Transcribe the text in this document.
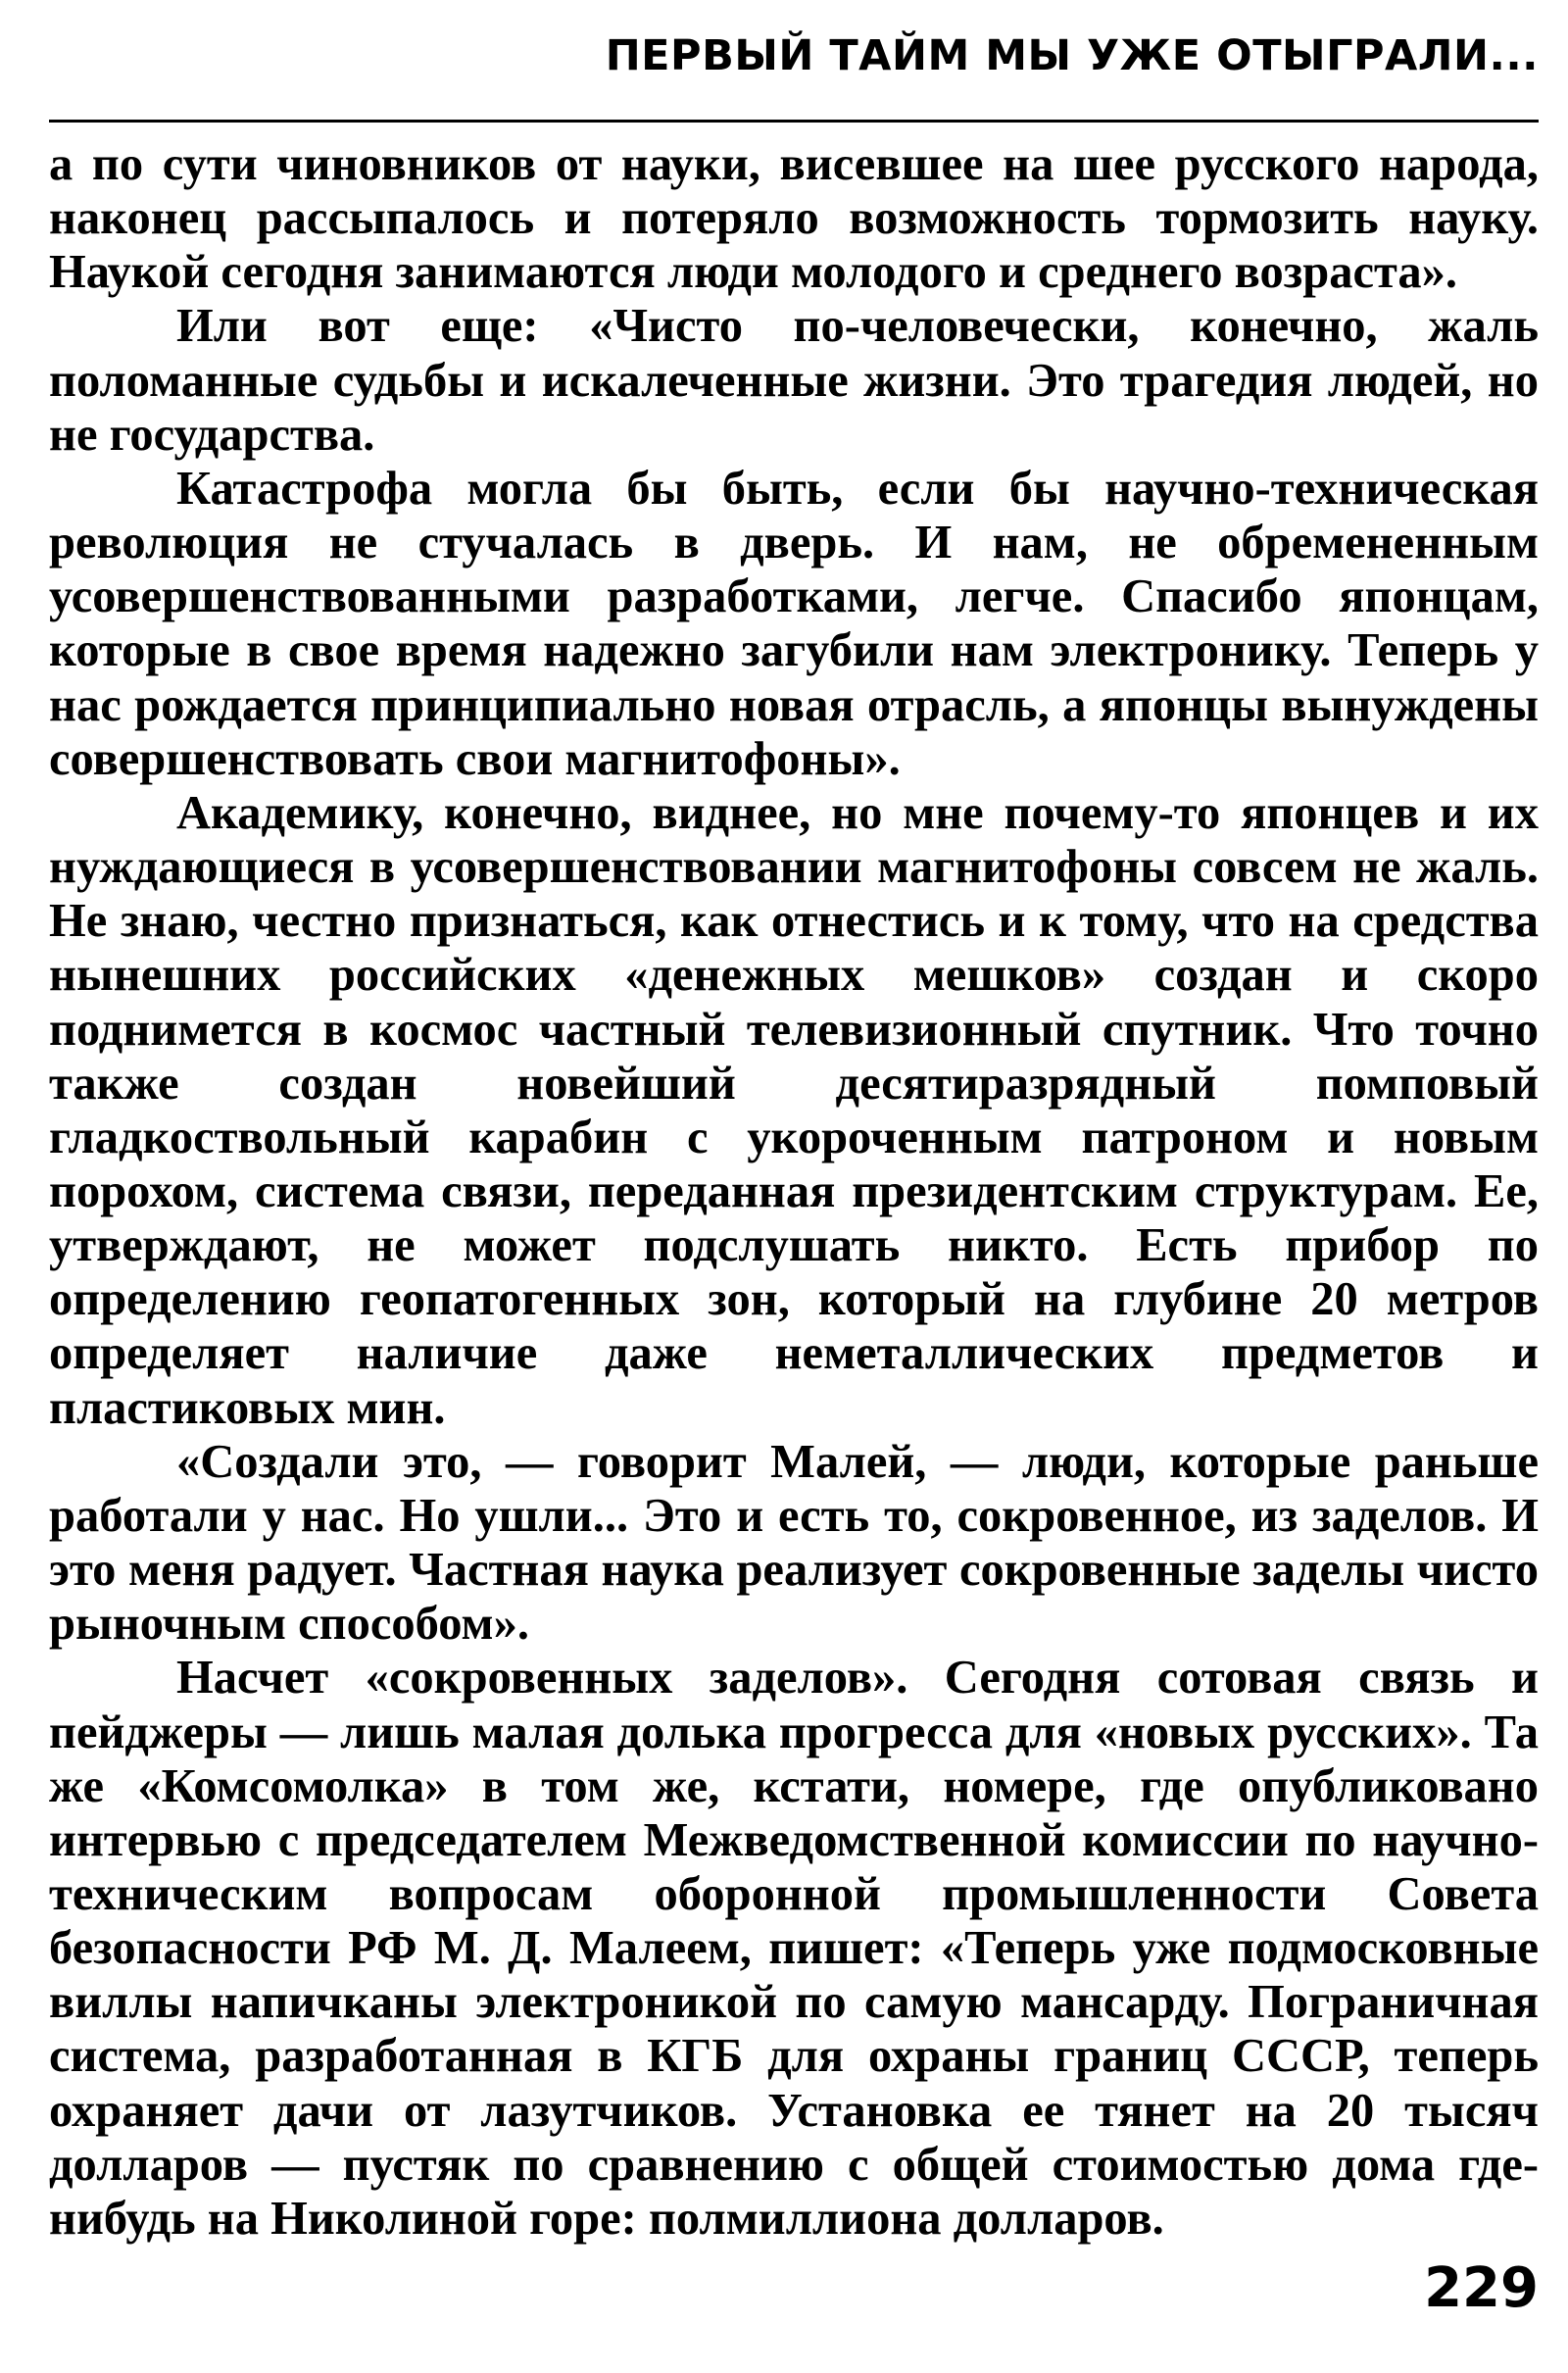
ПЕРВЫЙ ТАЙМ МЫ УЖЕ ОТЫГРАЛИ...

а по сути чиновников от науки, висевшее на шее русского народа, наконец рассыпалось и потеряло возможность тормозить науку. Наукой сегодня занимаются люди молодого и среднего возраста».

Или вот еще: «Чисто по-человечески, конечно, жаль поломанные судьбы и искалеченные жизни. Это трагедия людей, но не государства.

Катастрофа могла бы быть, если бы научно-техническая революция не стучалась в дверь. И нам, не обремененным усовершенствованными разработками, легче. Спасибо японцам, которые в свое время надежно загубили нам электронику. Теперь у нас рождается принципиально новая отрасль, а японцы вынуждены совершенствовать свои магнитофоны».

Академику, конечно, виднее, но мне почему-то японцев и их нуждающиеся в усовершенствовании магнитофоны совсем не жаль. Не знаю, честно признаться, как отнестись и к тому, что на средства нынешних российских «денежных мешков» создан и скоро поднимется в космос частный телевизионный спутник. Что точно также создан новейший десятиразрядный помповый гладкоствольный карабин с укороченным патроном и новым порохом, система связи, переданная президентским структурам. Ее, утверждают, не может подслушать никто. Есть прибор по определению геопатогенных зон, который на глубине 20 метров определяет наличие даже неметаллических предметов и пластиковых мин.

«Создали это, — говорит Малей, — люди, которые раньше работали у нас. Но ушли... Это и есть то, сокровенное, из заделов. И это меня радует. Частная наука реализует сокровенные заделы чисто рыночным способом».

Насчет «сокровенных заделов». Сегодня сотовая связь и пейджеры — лишь малая долька прогресса для «новых русских». Та же «Комсомолка» в том же, кстати, номере, где опубликовано интервью с председателем Межведомственной комиссии по научно-техническим вопросам оборонной промышленности Совета безопасности РФ М. Д. Малеем, пишет: «Теперь уже подмосковные виллы напичканы электроникой по самую мансарду. Пограничная система, разработанная в КГБ для охраны границ СССР, теперь охраняет дачи от лазутчиков. Установка ее тянет на 20 тысяч долларов — пустяк по сравнению с общей стоимостью дома где-нибудь на Николиной горе: полмиллиона долларов.

229
